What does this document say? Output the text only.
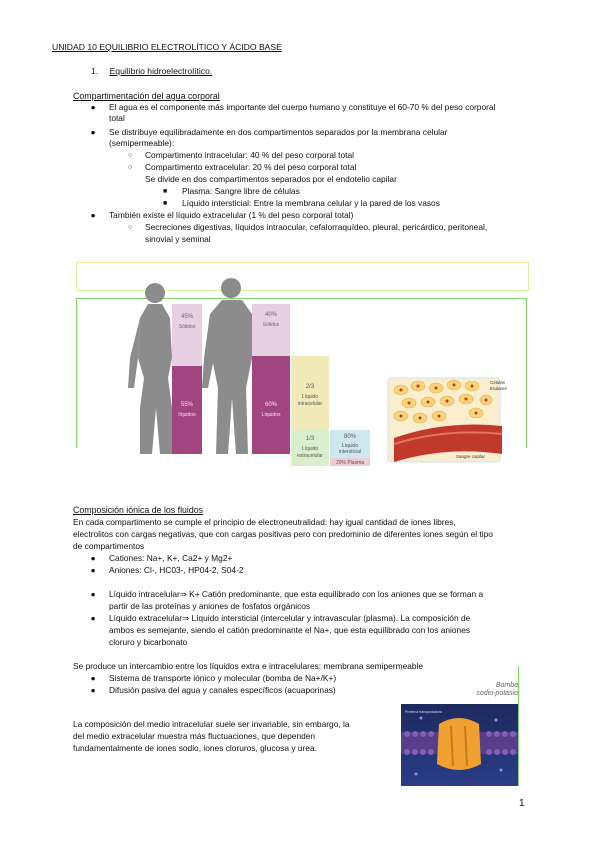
UNIDAD 10 EQUILIBRIO ELECTROLÍTICO Y ÁCIDO BASE
1. Equilibrio hidroelectrolítico.
Compartimentación del agua corporal
● El agua es el componente más importante del cuerpo humano y constituye el 60-70 % del peso corporal
total
● Se distribuye equilibradamente en dos compartimentos separados por la membrana celular
(semipermeable):
○ Compartimento intracelular: 40 % del peso corporal total
○ Compartimento extracelular: 20 % del peso corporal total
Se divide en dos compartimentos separados por el endotelio capilar
■ Plasma: Sangre libre de células
■ Líquido intersticial: Entre la membrana celular y la pared de los vasos
● También existe el líquido extracelular (1 % del peso corporal total)
○ Secreciones digestivas, líquidos intraocular, cefalorraquídeo, pleural, pericárdico, peritoneal,
sinovial y seminal
45%
Sólidos
55%
líquidos
40%
Sólidos
60%
Líquidos
2/3
Líquido
intracelular
1/3
Líquido
extracelular
80%
Líquido
intersticial
20% Plasma
Células
tisulares
Sangre capilar
Composición iónica de los fluidos
En cada compartimento se cumple el principio de electroneutralidad: hay igual cantidad de iones libres,
electrolitos con cargas negativas, que con cargas positivas pero con predominio de diferentes iones según el tipo
de compartimentos
● Cationes: Na+, K+, Ca2+ y Mg2+
● Aniones: Cl-, HC03-, HP04-2, S04-2
● Líquido intracelular⇒ K+ Catión predominante, que esta equilibrado con los aniones que se forman a
partir de las proteínas y aniones de fosfatos orgánicos
● Líquido extracelular⇒ Líquido intersticial (intercelular y intravascular (plasma). La composición de
ambos es semejante, siendo el catión predominante el Na+, que esta equilibrado con los aniones
cloruro y bicarbonato
Se produce un intercambio entre los líquidos extra e intracelulares: membrana semipermeable
● Sistema de transporte iónico y molecular (bomba de Na+/K+)
● Difusión pasiva del agua y canales específicos (acuaporinas)
La composición del medio intracelular suele ser invariable, sin embargo, la
del medio extracelular muestra más fluctuaciones, que dependen
fundamentalmente de iones sodio, iones cloruros, glucosa y urea.
Bomba
sodio-potasio
Proteína transportadora
1
